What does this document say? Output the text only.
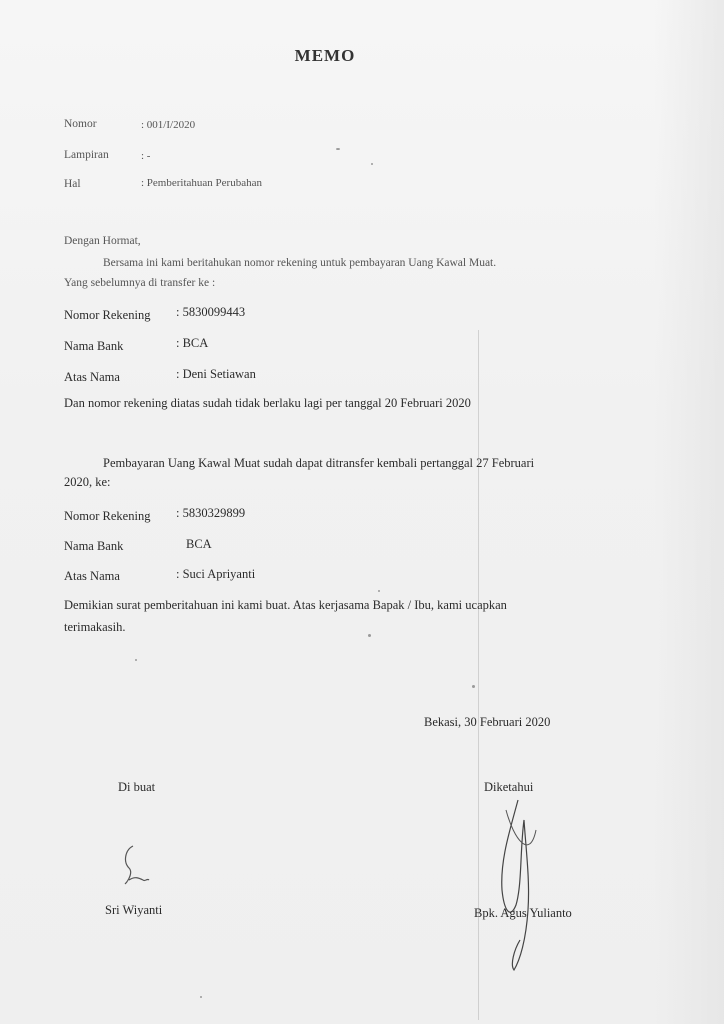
MEMO
Nomor	: 001/I/2020
Lampiran	: -
Hal	: Pemberitahuan Perubahan
Dengan Hormat,
Bersama ini kami beritahukan nomor rekening untuk pembayaran Uang Kawal Muat.
Yang sebelumnya di transfer ke :
Nomor Rekening : 5830099443
Nama Bank	: BCA
Atas Nama	: Deni Setiawan
Dan nomor rekening diatas sudah tidak berlaku lagi per tanggal 20 Februari 2020
Pembayaran Uang Kawal Muat sudah dapat ditransfer kembali pertanggal 27 Februari
2020, ke:
Nomor Rekening : 5830329899
Nama Bank	BCA
Atas Nama	: Suci Apriyanti
Demikian surat pemberitahuan ini kami buat. Atas kerjasama Bapak / Ibu, kami ucapkan
terimakasih.
Bekasi, 30 Februari 2020
Di buat	Diketahui
Sri Wiyanti	Bpk. Agus Yulianto
